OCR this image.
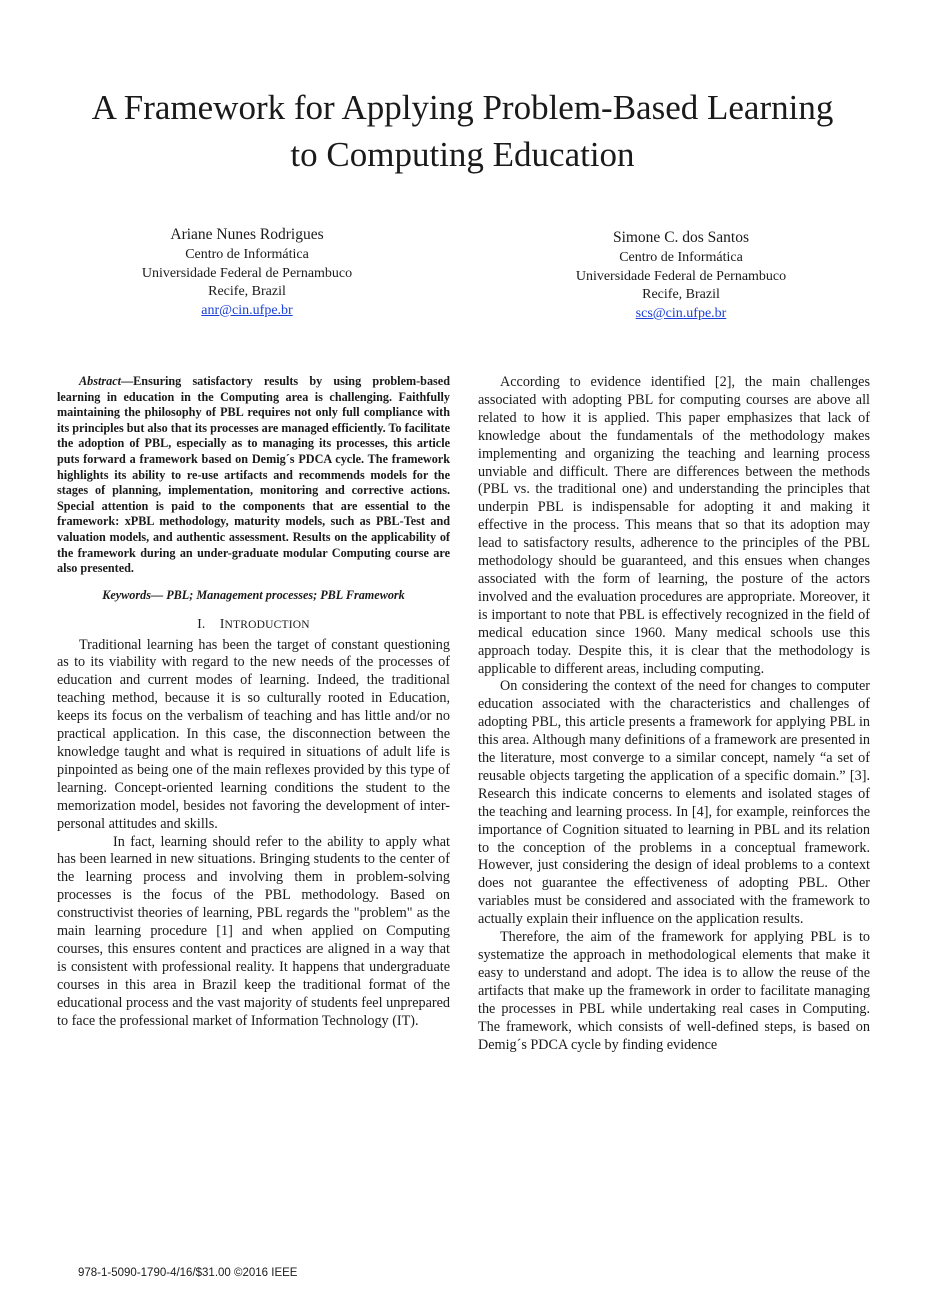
A Framework for Applying Problem-Based Learning
to Computing Education
Ariane Nunes Rodrigues
Centro de Informática
Universidade Federal de Pernambuco
Recife, Brazil
anr@cin.ufpe.br
Simone C. dos Santos
Centro de Informática
Universidade Federal de Pernambuco
Recife, Brazil
scs@cin.ufpe.br

Abstract—Ensuring satisfactory results by using problem-based learning in education in the Computing area is challenging. Faithfully maintaining the philosophy of PBL requires not only full compliance with its principles but also that its processes are managed efficiently. To facilitate the adoption of PBL, especially as to managing its processes, this article puts forward a framework based on Demig´s PDCA cycle. The framework highlights its ability to re-use artifacts and recommends models for the stages of planning, implementation, monitoring and corrective actions. Special attention is paid to the components that are essential to the framework: xPBL methodology, maturity models, such as PBL-Test and valuation models, and authentic assessment. Results on the applicability of the framework during an under-graduate modular Computing course are also presented.

Keywords— PBL; Management processes; PBL Framework

I. INTRODUCTION

Traditional learning has been the target of constant questioning as to its viability with regard to the new needs of the processes of education and current modes of learning. Indeed, the traditional teaching method, because it is so culturally rooted in Education, keeps its focus on the verbalism of teaching and has little and/or no practical application. In this case, the disconnection between the knowledge taught and what is required in situations of adult life is pinpointed as being one of the main reflexes provided by this type of learning. Concept-oriented learning conditions the student to the memorization model, besides not favoring the development of inter-personal attitudes and skills.

In fact, learning should refer to the ability to apply what has been learned in new situations. Bringing students to the center of the learning process and involving them in problem-solving processes is the focus of the PBL methodology. Based on constructivist theories of learning, PBL regards the "problem" as the main learning procedure [1] and when applied on Computing courses, this ensures content and practices are aligned in a way that is consistent with professional reality. It happens that undergraduate courses in this area in Brazil keep the traditional format of the educational process and the vast majority of students feel unprepared to face the professional market of Information Technology (IT).

According to evidence identified [2], the main challenges associated with adopting PBL for computing courses are above all related to how it is applied. This paper emphasizes that lack of knowledge about the fundamentals of the methodology makes implementing and organizing the teaching and learning process unviable and difficult. There are differences between the methods (PBL vs. the traditional one) and understanding the principles that underpin PBL is indispensable for adopting it and making it effective in the process. This means that so that its adoption may lead to satisfactory results, adherence to the principles of the PBL methodology should be guaranteed, and this ensues when changes associated with the form of learning, the posture of the actors involved and the evaluation procedures are appropriate. Moreover, it is important to note that PBL is effectively recognized in the field of medical education since 1960. Many medical schools use this approach today. Despite this, it is clear that the methodology is applicable to different areas, including computing.

On considering the context of the need for changes to computer education associated with the characteristics and challenges of adopting PBL, this article presents a framework for applying PBL in this area. Although many definitions of a framework are presented in the literature, most converge to a similar concept, namely “a set of reusable objects targeting the application of a specific domain.” [3]. Research this indicate concerns to elements and isolated stages of the teaching and learning process. In [4], for example, reinforces the importance of Cognition situated to learning in PBL and its relation to the conception of the problems in a conceptual framework. However, just considering the design of ideal problems to a context does not guarantee the effectiveness of adopting PBL. Other variables must be considered and associated with the framework to actually explain their influence on the application results.

Therefore, the aim of the framework for applying PBL is to systematize the approach in methodological elements that make it easy to understand and adopt. The idea is to allow the reuse of the artifacts that make up the framework in order to facilitate managing the processes in PBL while undertaking real cases in Computing. The framework, which consists of well-defined steps, is based on Demig´s PDCA cycle by finding evidence

978-1-5090-1790-4/16/$31.00 ©2016 IEEE
